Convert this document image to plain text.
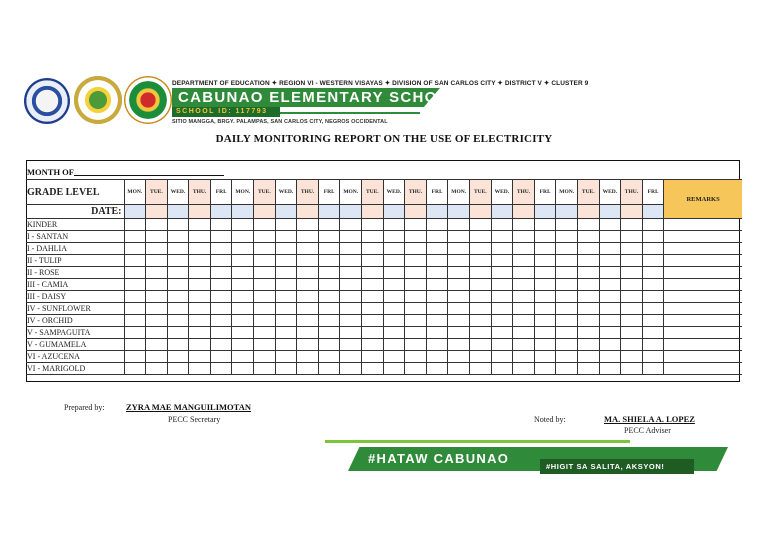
DEPARTMENT OF EDUCATION ✦ REGION VI - WESTERN VISAYAS ✦ DIVISION OF SAN CARLOS CITY ✦ DISTRICT V ✦ CLUSTER 9
CABUNAO ELEMENTARY SCHOOL
SCHOOL ID: 117793
SITIO MANGGA, BRGY. PALAMPAS, SAN CARLOS CITY, NEGROS OCCIDENTAL
DAILY MONITORING REPORT ON THE USE OF ELECTRICITY
MONTH OF
GRADE LEVEL	MON.	TUE.	WED.	THU.	FRI.	MON.	TUE.	WED.	THU.	FRI.	MON.	TUE.	WED.	THU.	FRI.	MON.	TUE.	WED.	THU.	FRI.	MON.	TUE.	WED.	THU.	FRI.	REMARKS
DATE:																										
KINDER																										
I - SANTAN																										
I - DAHLIA																										
II - TULIP																										
II - ROSE																										
III - CAMIA																										
III - DAISY																										
IV - SUNFLOWER																										
IV - ORCHID																										
V - SAMPAGUITA																										
V - GUMAMELA																										
VI - AZUCENA																										
VI - MARIGOLD																										
Prepared by:	ZYRA MAE MANGUILIMOTAN
PECC Secretary	Noted by:	MA. SHIELA A. LOPEZ
PECC Adviser
#HATAW CABUNAO
#HIGIT SA SALITA, AKSYON!
